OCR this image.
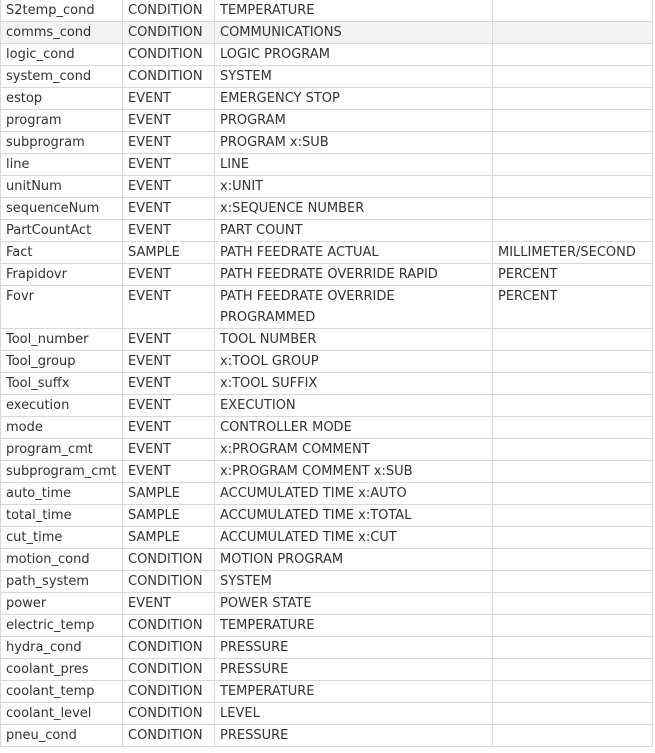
S2temp_cond	CONDITION	TEMPERATURE	
comms_cond	CONDITION	COMMUNICATIONS	
logic_cond	CONDITION	LOGIC PROGRAM	
system_cond	CONDITION	SYSTEM	
estop	EVENT	EMERGENCY STOP	
program	EVENT	PROGRAM	
subprogram	EVENT	PROGRAM x:SUB	
line	EVENT	LINE	
unitNum	EVENT	x:UNIT	
sequenceNum	EVENT	x:SEQUENCE NUMBER	
PartCountAct	EVENT	PART COUNT	
Fact	SAMPLE	PATH FEEDRATE ACTUAL	MILLIMETER/SECOND
Frapidovr	EVENT	PATH FEEDRATE OVERRIDE RAPID	PERCENT
Fovr	EVENT	PATH FEEDRATE OVERRIDE PROGRAMMED	PERCENT
Tool_number	EVENT	TOOL NUMBER	
Tool_group	EVENT	x:TOOL GROUP	
Tool_suffx	EVENT	x:TOOL SUFFIX	
execution	EVENT	EXECUTION	
mode	EVENT	CONTROLLER MODE	
program_cmt	EVENT	x:PROGRAM COMMENT	
subprogram_cmt	EVENT	x:PROGRAM COMMENT x:SUB	
auto_time	SAMPLE	ACCUMULATED TIME x:AUTO	
total_time	SAMPLE	ACCUMULATED TIME x:TOTAL	
cut_time	SAMPLE	ACCUMULATED TIME x:CUT	
motion_cond	CONDITION	MOTION PROGRAM	
path_system	CONDITION	SYSTEM	
power	EVENT	POWER STATE	
electric_temp	CONDITION	TEMPERATURE	
hydra_cond	CONDITION	PRESSURE	
coolant_pres	CONDITION	PRESSURE	
coolant_temp	CONDITION	TEMPERATURE	
coolant_level	CONDITION	LEVEL	
pneu_cond	CONDITION	PRESSURE	
